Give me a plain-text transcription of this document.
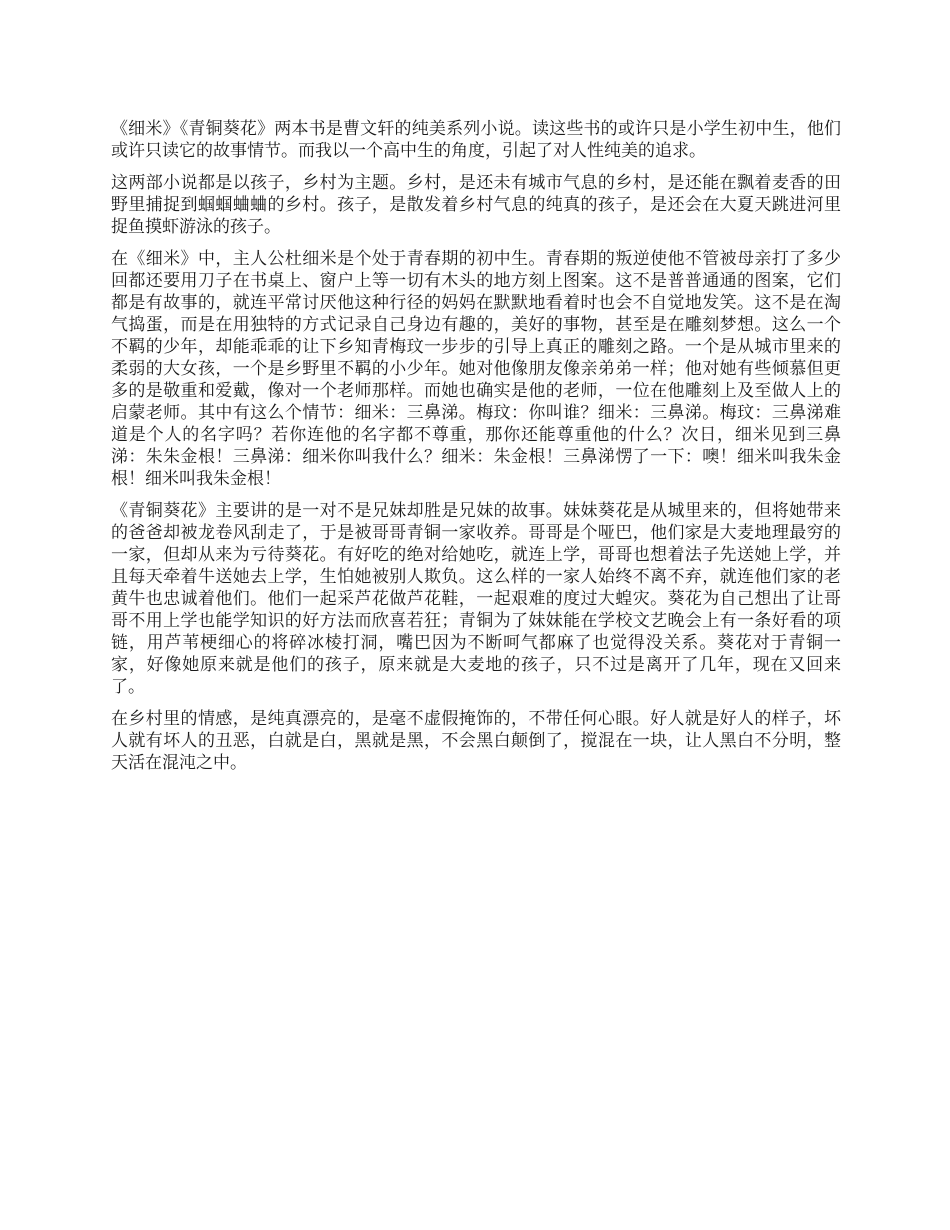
《细米》《青铜葵花》两本书是曹文轩的纯美系列小说。读这些书的或许只是小学生初中生，他们或许只读它的故事情节。而我以一个高中生的角度，引起了对人性纯美的追求。

这两部小说都是以孩子，乡村为主题。乡村，是还未有城市气息的乡村，是还能在飘着麦香的田野里捕捉到蝈蝈蛐蛐的乡村。孩子，是散发着乡村气息的纯真的孩子，是还会在大夏天跳进河里捉鱼摸虾游泳的孩子。

在《细米》中，主人公杜细米是个处于青春期的初中生。青春期的叛逆使他不管被母亲打了多少回都还要用刀子在书桌上、窗户上等一切有木头的地方刻上图案。这不是普普通通的图案，它们都是有故事的，就连平常讨厌他这种行径的妈妈在默默地看着时也会不自觉地发笑。这不是在淘气捣蛋，而是在用独特的方式记录自己身边有趣的，美好的事物，甚至是在雕刻梦想。这么一个不羁的少年，却能乖乖的让下乡知青梅玟一步步的引导上真正的雕刻之路。一个是从城市里来的柔弱的大女孩，一个是乡野里不羁的小少年。她对他像朋友像亲弟弟一样；他对她有些倾慕但更多的是敬重和爱戴，像对一个老师那样。而她也确实是他的老师，一位在他雕刻上及至做人上的启蒙老师。其中有这么个情节：细米：三鼻涕。梅玟：你叫谁？细米：三鼻涕。梅玟：三鼻涕难道是个人的名字吗？若你连他的名字都不尊重，那你还能尊重他的什么？次日，细米见到三鼻涕：朱朱金根！三鼻涕：细米你叫我什么？细米：朱金根！三鼻涕愣了一下：噢！细米叫我朱金根！细米叫我朱金根！

《青铜葵花》主要讲的是一对不是兄妹却胜是兄妹的故事。妹妹葵花是从城里来的，但将她带来的爸爸却被龙卷风刮走了，于是被哥哥青铜一家收养。哥哥是个哑巴，他们家是大麦地理最穷的一家，但却从来为亏待葵花。有好吃的绝对给她吃，就连上学，哥哥也想着法子先送她上学，并且每天牵着牛送她去上学，生怕她被别人欺负。这么样的一家人始终不离不弃，就连他们家的老黄牛也忠诚着他们。他们一起采芦花做芦花鞋，一起艰难的度过大蝗灾。葵花为自己想出了让哥哥不用上学也能学知识的好方法而欣喜若狂；青铜为了妹妹能在学校文艺晚会上有一条好看的项链，用芦苇梗细心的将碎冰棱打洞，嘴巴因为不断呵气都麻了也觉得没关系。葵花对于青铜一家，好像她原来就是他们的孩子，原来就是大麦地的孩子，只不过是离开了几年，现在又回来了。

在乡村里的情感，是纯真漂亮的，是毫不虚假掩饰的，不带任何心眼。好人就是好人的样子，坏人就有坏人的丑恶，白就是白，黑就是黑，不会黑白颠倒了，搅混在一块，让人黑白不分明，整天活在混沌之中。
